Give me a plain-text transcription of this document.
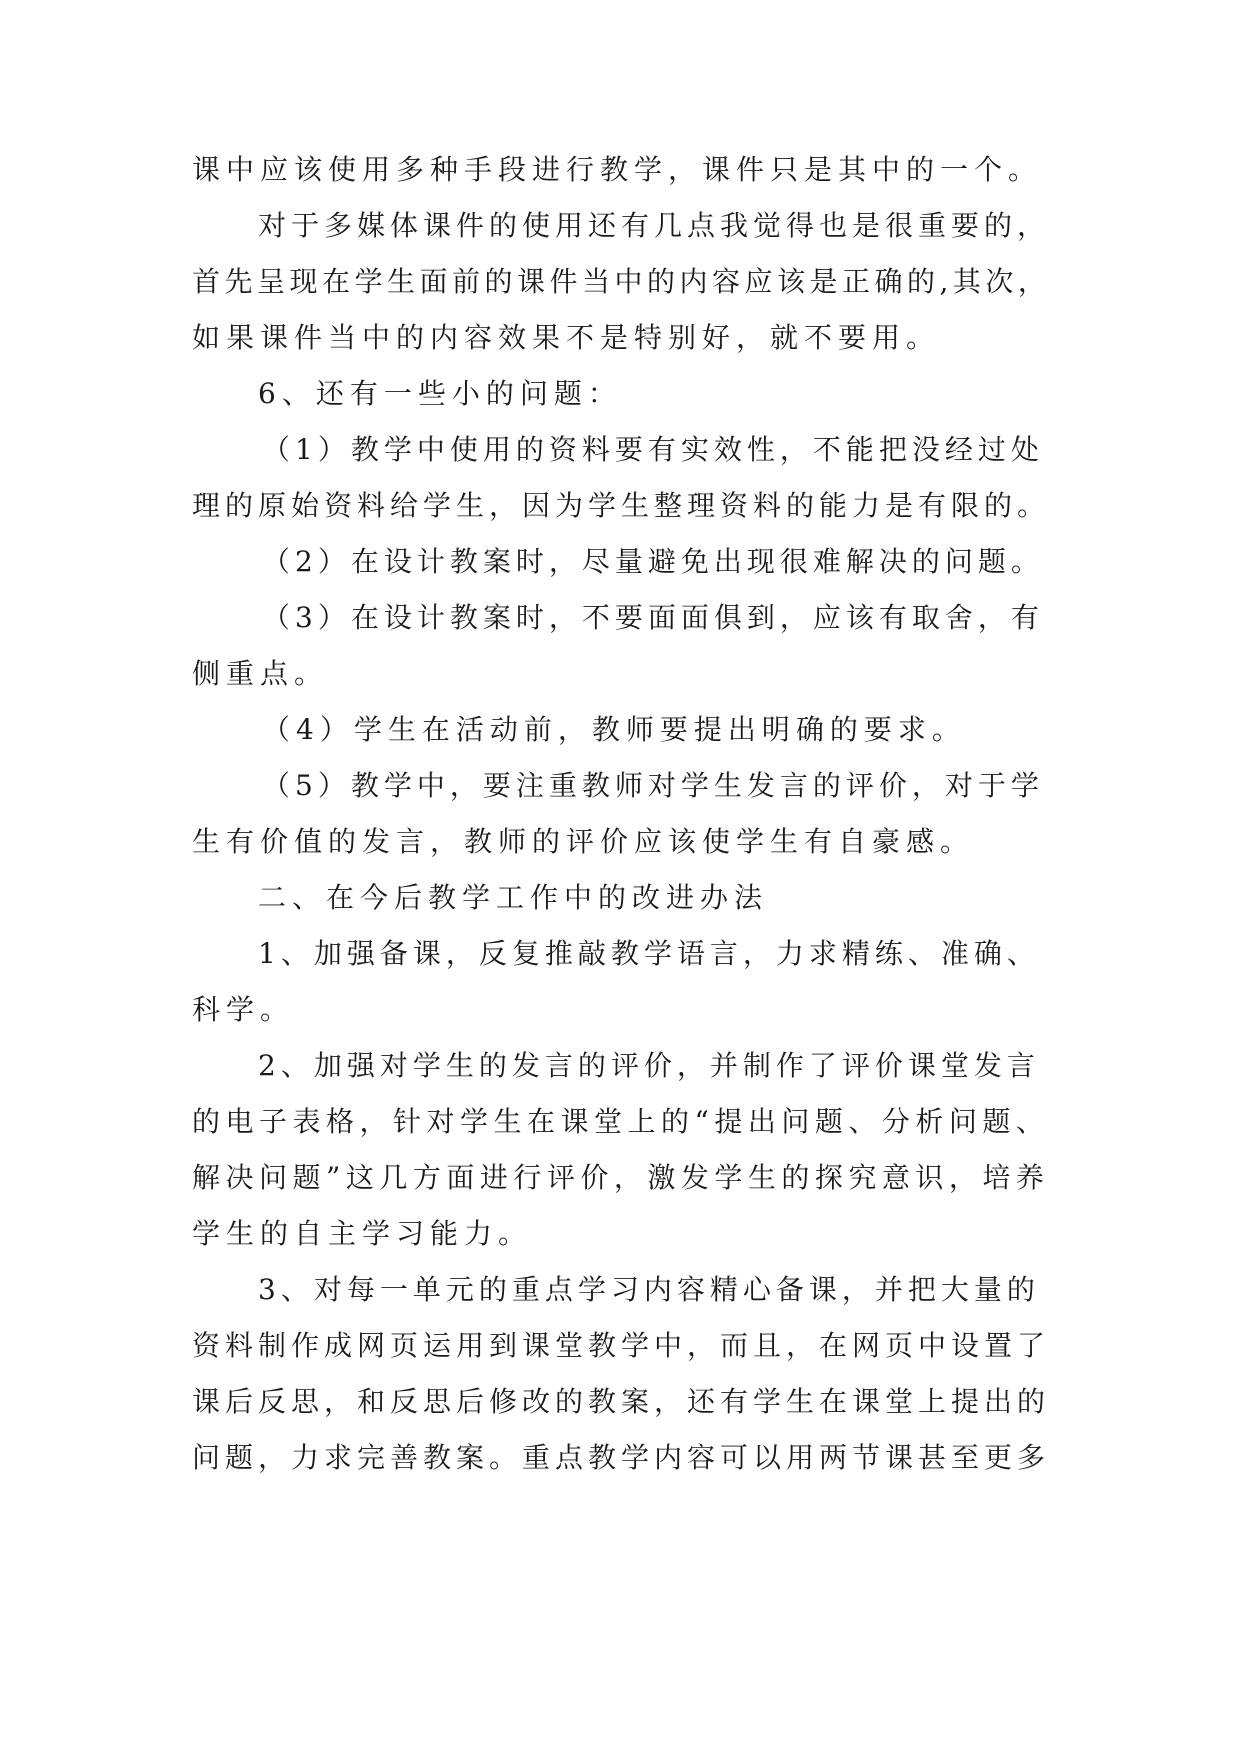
课中应该使用多种手段进行教学，课件只是其中的一个。
对于多媒体课件的使用还有几点我觉得也是很重要的，
首先呈现在学生面前的课件当中的内容应该是正确的,其次，
如果课件当中的内容效果不是特别好，就不要用。
6、还有一些小的问题：
（1）教学中使用的资料要有实效性，不能把没经过处
理的原始资料给学生，因为学生整理资料的能力是有限的。
（2）在设计教案时，尽量避免出现很难解决的问题。
（3）在设计教案时，不要面面俱到，应该有取舍，有
侧重点。
（4）学生在活动前，教师要提出明确的要求。
（5）教学中，要注重教师对学生发言的评价，对于学
生有价值的发言，教师的评价应该使学生有自豪感。
二、在今后教学工作中的改进办法
1、加强备课，反复推敲教学语言，力求精练、准确、
科学。
2、加强对学生的发言的评价，并制作了评价课堂发言
的电子表格，针对学生在课堂上的“提出问题、分析问题、
解决问题”这几方面进行评价，激发学生的探究意识，培养
学生的自主学习能力。
3、对每一单元的重点学习内容精心备课，并把大量的
资料制作成网页运用到课堂教学中，而且，在网页中设置了
课后反思，和反思后修改的教案，还有学生在课堂上提出的
问题，力求完善教案。重点教学内容可以用两节课甚至更多
